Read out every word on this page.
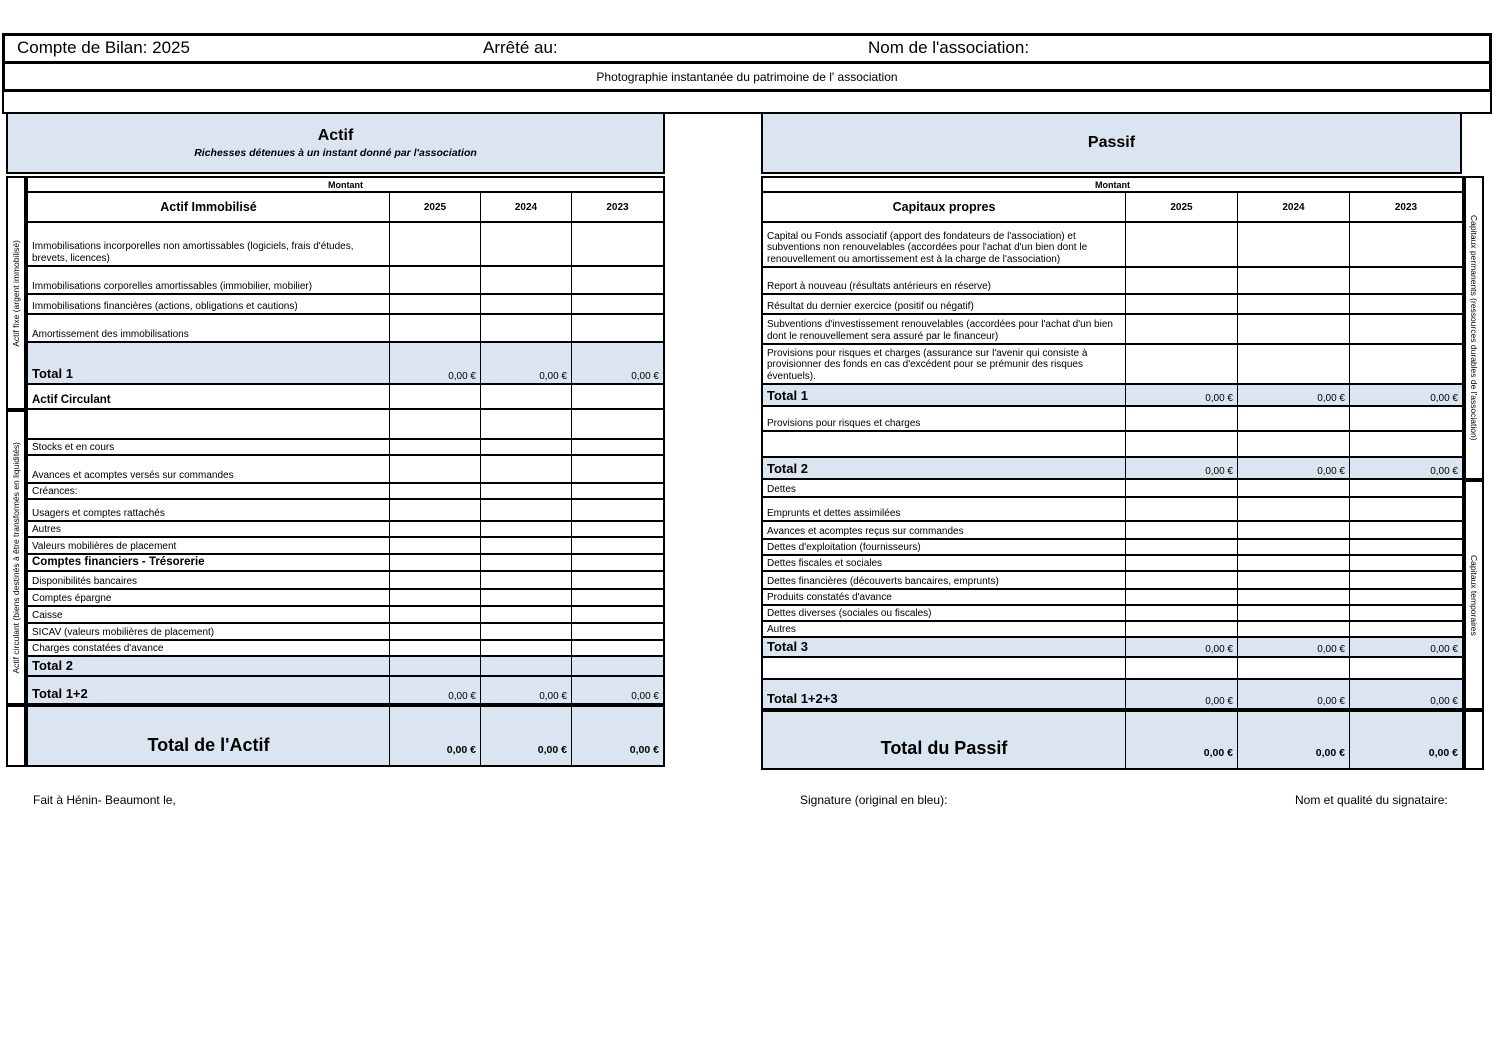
Compte de Bilan: 2025	Arrêté au:	Nom de l'association:
Photographie instantanée du patrimoine de l' association
Actif
Richesses détenues à un instant donné par l'association
Actif fixe (argent immobilisé)
Actif circulant (biens destinés à être transformés en liquidités)
Montant
Actif Immobilisé	2025	2024	2023
Immobilisations incorporelles non amortissables (logiciels, frais d'études, brevets, licences)
Immobilisations corporelles amortissables (immobilier, mobilier)
Immobilisations financières (actions, obligations et cautions)
Amortissement des immobilisations
Total 1	0,00 €	0,00 €	0,00 €
Actif Circulant
Stocks et en cours
Avances et acomptes versés sur commandes
Créances:
Usagers et comptes rattachés
Autres
Valeurs mobilières de placement
Comptes financiers - Trésorerie
Disponibilités bancaires
Comptes épargne
Caisse
SICAV (valeurs mobilières de placement)
Charges constatées d'avance
Total 2
Total 1+2	0,00 €	0,00 €	0,00 €
Total de l'Actif	0,00 €	0,00 €	0,00 €
Passif
Montant
Capitaux propres	2025	2024	2023
Capital ou Fonds associatif (apport des fondateurs de l'association) et subventions non renouvelables (accordées pour l'achat d'un bien dont le renouvellement ou amortissement est à la charge de l'association)
Report à nouveau (résultats antérieurs en réserve)
Résultat du dernier exercice (positif ou négatif)
Subventions d'investissement renouvelables (accordées pour l'achat d'un bien dont le renouvellement sera assuré par le financeur)
Provisions pour risques et charges (assurance sur l'avenir qui consiste à provisionner des fonds en cas d'excédent pour se prémunir des risques éventuels).
Total 1	0,00 €	0,00 €	0,00 €
Provisions pour risques et charges
Total 2	0,00 €	0,00 €	0,00 €
Dettes
Emprunts et dettes assimilées
Avances et acomptes reçus sur commandes
Dettes d'exploitation (fournisseurs)
Dettes fiscales et sociales
Dettes financières (découverts bancaires, emprunts)
Produits constatés d'avance
Dettes diverses (sociales ou fiscales)
Autres
Total 3	0,00 €	0,00 €	0,00 €
Total 1+2+3	0,00 €	0,00 €	0,00 €
Total du Passif	0,00 €	0,00 €	0,00 €
Capitaux permanents (ressources durables de l'association)
Capitaux temporaires
Fait à Hénin- Beaumont le,	Signature (original en bleu):	Nom et qualité du signataire:
